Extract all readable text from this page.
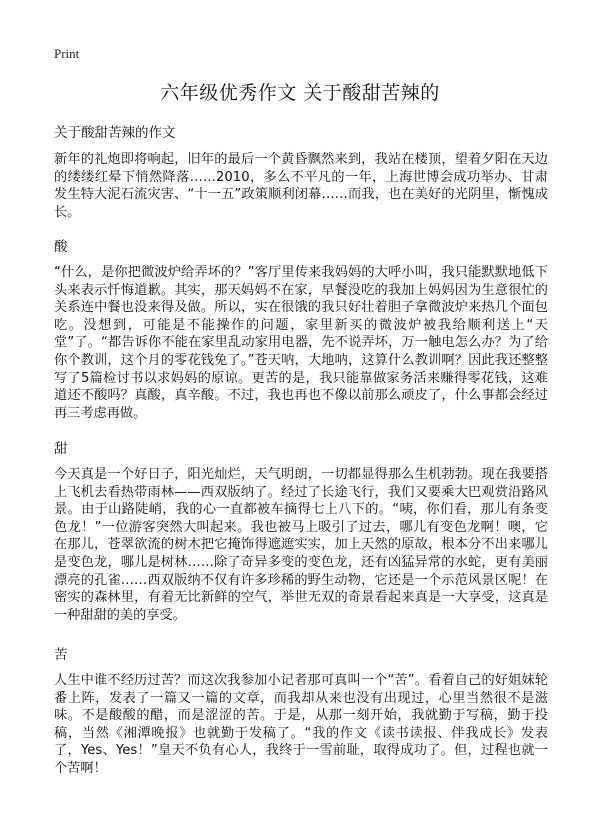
Print
六年级优秀作文 关于酸甜苦辣的

关于酸甜苦辣的作文

新年的礼炮即将响起，旧年的最后一个黄昏飘然来到，我站在楼顶，望着夕阳在天边的缕缕红晕下悄然降落……2010，多么不平凡的一年，上海世博会成功举办、甘肃发生特大泥石流灾害、“十一五”政策顺利闭幕……而我，也在美好的光阴里，惭愧成长。

酸

“什么，是你把微波炉给弄坏的？”客厅里传来我妈妈的大呼小叫，我只能默默地低下头来表示忏悔道歉。其实，那天妈妈不在家，早餐没吃的我加上妈妈因为生意很忙的关系连中餐也没来得及做。所以，实在很饿的我只好壮着胆子拿微波炉来热几个面包吃。没想到，可能是不能操作的问题，家里新买的微波炉被我给顺利送上“天堂”了。“都告诉你不能在家里乱动家用电器，先不说弄坏，万一触电怎么办？为了给你个教训，这个月的零花钱免了。”苍天呐，大地呐，这算什么教训啊？因此我还整整写了5篇检讨书以求妈妈的原谅。更苦的是，我只能靠做家务活来赚得零花钱，这难道还不酸吗？真酸，真辛酸。不过，我也再也不像以前那么顽皮了，什么事都会经过再三考虑再做。

甜

今天真是一个好日子，阳光灿烂，天气明朗，一切都显得那么生机勃勃。现在我要搭上飞机去看热带雨林——西双版纳了。经过了长途飞行，我们又要乘大巴观赏沿路风景。由于山路陡峭，我的心一直都被车摘得七上八下的。“咦，你们看，那儿有条变色龙！”一位游客突然大叫起来。我也被马上吸引了过去，哪儿有变色龙啊！噢，它在那儿，苍翠欲流的树木把它掩饰得遮遮实实，加上天然的原故，根本分不出来哪儿是变色龙，哪儿是树林……除了奇异多变的变色龙，还有凶猛异常的水蛇，更有美丽漂亮的孔雀……西双版纳不仅有许多珍稀的野生动物，它还是一个示范风景区呢！在密实的森林里，有着无比新鲜的空气，举世无双的奇景看起来真是一大享受，这真是一种甜甜的美的享受。

苦

人生中谁不经历过苦？而这次我参加小记者那可真叫一个“苦”。看着自己的好姐妹轮番上阵，发表了一篇又一篇的文章，而我却从来也没有出现过，心里当然很不是滋味。不是酸酸的醋，而是涩涩的苦。于是，从那一刻开始，我就勤于写稿，勤于投稿，当然《湘潭晚报》也就勤于发稿了。“我的作文《读书读报、伴我成长》发表了，Yes、Yes！”皇天不负有心人，我终于一雪前耻，取得成功了。但，过程也就一个苦啊！
